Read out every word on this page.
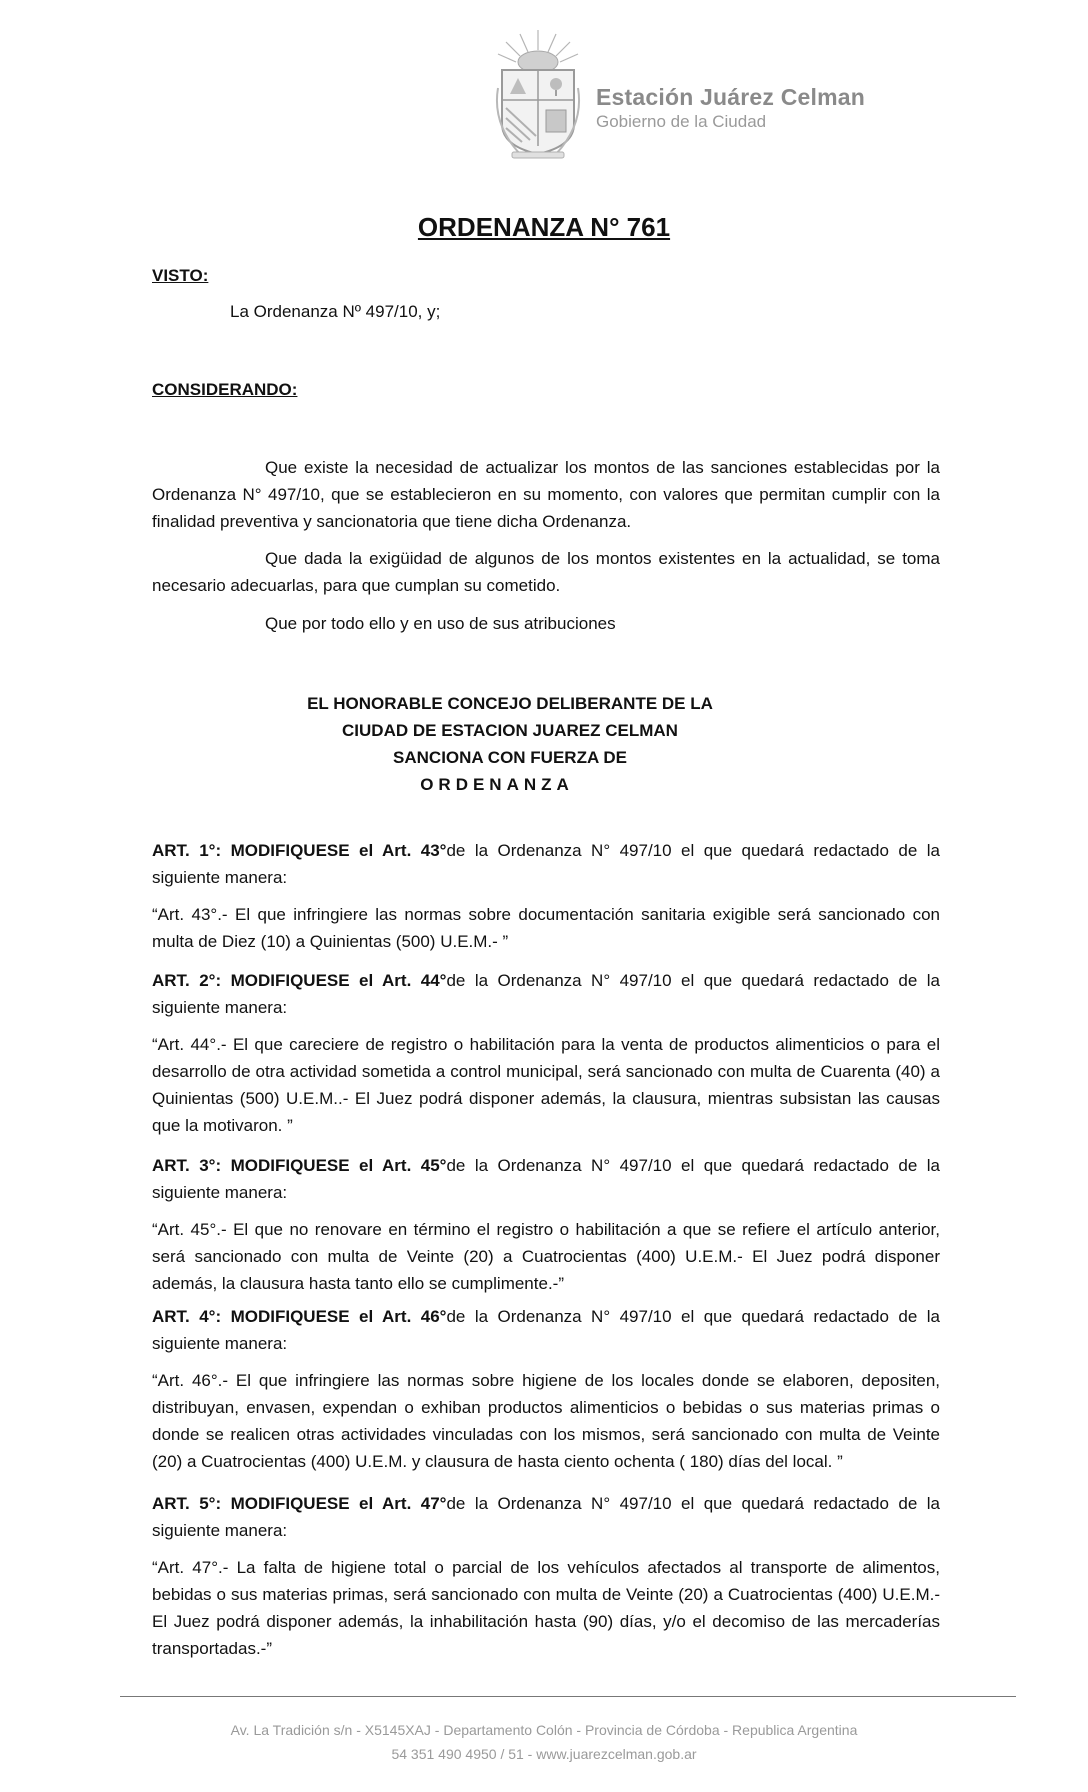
Estación Juárez Celman
Gobierno de la Ciudad
ORDENANZA N° 761
VISTO:
La Ordenanza Nº 497/10, y;
CONSIDERANDO:
Que existe la necesidad de actualizar los montos de las sanciones establecidas por la Ordenanza N° 497/10, que se establecieron en su momento, con valores que permitan cumplir con la finalidad preventiva y sancionatoria que tiene dicha Ordenanza.
Que dada la exigüidad de algunos de los montos existentes en la actualidad, se toma necesario adecuarlas, para que cumplan su cometido.
Que por todo ello y en uso de sus atribuciones
EL HONORABLE CONCEJO DELIBERANTE DE LA
CIUDAD DE ESTACION JUAREZ CELMAN
SANCIONA CON FUERZA DE
ORDENANZA
ART. 1°: MODIFIQUESE el Art. 43°de la Ordenanza N° 497/10 el que quedará redactado de la siguiente manera:
“Art. 43°.- El que infringiere las normas sobre documentación sanitaria exigible será sancionado con multa de Diez (10) a Quinientas (500) U.E.M.- ”
ART. 2°: MODIFIQUESE el Art. 44°de la Ordenanza N° 497/10 el que quedará redactado de la siguiente manera:
“Art. 44°.- El que careciere de registro o habilitación para la venta de productos alimenticios o para el desarrollo de otra actividad sometida a control municipal, será sancionado con multa de Cuarenta (40) a Quinientas (500) U.E.M..- El Juez podrá disponer además, la clausura, mientras subsistan las causas que la motivaron. ”
ART. 3°: MODIFIQUESE el Art. 45°de la Ordenanza N° 497/10 el que quedará redactado de la siguiente manera:
“Art. 45°.- El que no renovare en término el registro o habilitación a que se refiere el artículo anterior, será sancionado con multa de Veinte (20) a Cuatrocientas (400) U.E.M.- El Juez podrá disponer además, la clausura hasta tanto ello se cumplimente.-”
ART. 4°: MODIFIQUESE el Art. 46°de la Ordenanza N° 497/10 el que quedará redactado de la siguiente manera:
“Art. 46°.- El que infringiere las normas sobre higiene de los locales donde se elaboren, depositen, distribuyan, envasen, expendan o exhiban productos alimenticios o bebidas o sus materias primas o donde se realicen otras actividades vinculadas con los mismos, será sancionado con multa de Veinte (20) a Cuatrocientas (400) U.E.M. y clausura de hasta ciento ochenta ( 180) días del local. ”
ART. 5°: MODIFIQUESE el Art. 47°de la Ordenanza N° 497/10 el que quedará redactado de la siguiente manera:
“Art. 47°.- La falta de higiene total o parcial de los vehículos afectados al transporte de alimentos, bebidas o sus materias primas, será sancionado con multa de Veinte (20) a Cuatrocientas (400) U.E.M.- El Juez podrá disponer además, la inhabilitación hasta (90) días, y/o el decomiso de las mercaderías transportadas.-”
Av. La Tradición s/n - X5145XAJ - Departamento Colón - Provincia de Córdoba - Republica Argentina
54 351 490 4950 / 51 - www.juarezcelman.gob.ar
